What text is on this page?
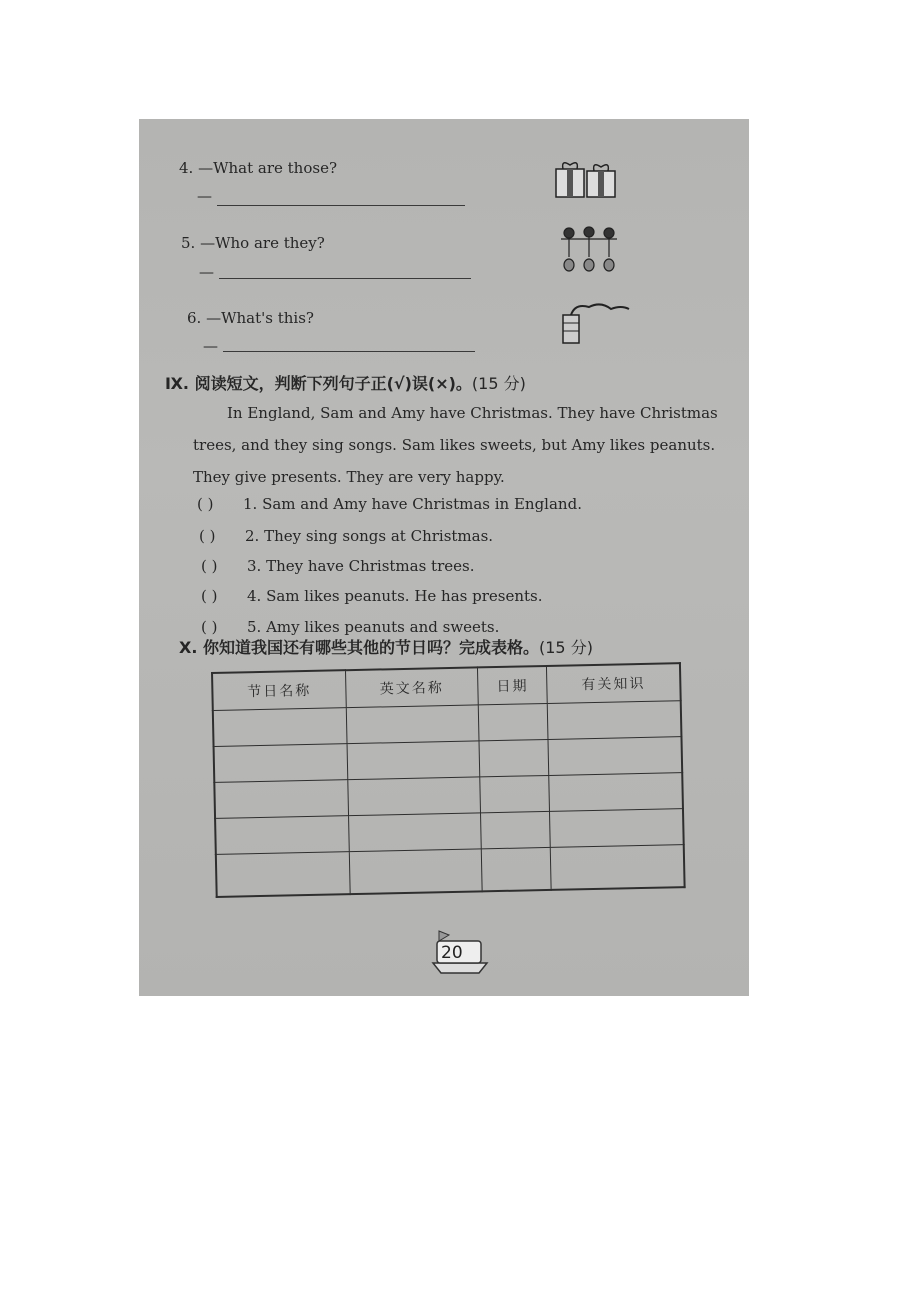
4. —What are those?
—
5. —Who are they?
—
6. —What's this?
—
Ⅸ. 阅读短文，判断下列句子正(√)误(×)。(15 分)
In England, Sam and Amy have Christmas. They have Christmas
trees, and they sing songs. Sam likes sweets, but Amy likes peanuts.
They give presents. They are very happy.
( ) 1. Sam and Amy have Christmas in England.
( ) 2. They sing songs at Christmas.
( ) 3. They have Christmas trees.
( ) 4. Sam likes peanuts. He has presents.
( ) 5. Amy likes peanuts and sweets.
Ⅹ. 你知道我国还有哪些其他的节日吗？完成表格。(15 分)
节日名称	英文名称	日期	有关知识

20
